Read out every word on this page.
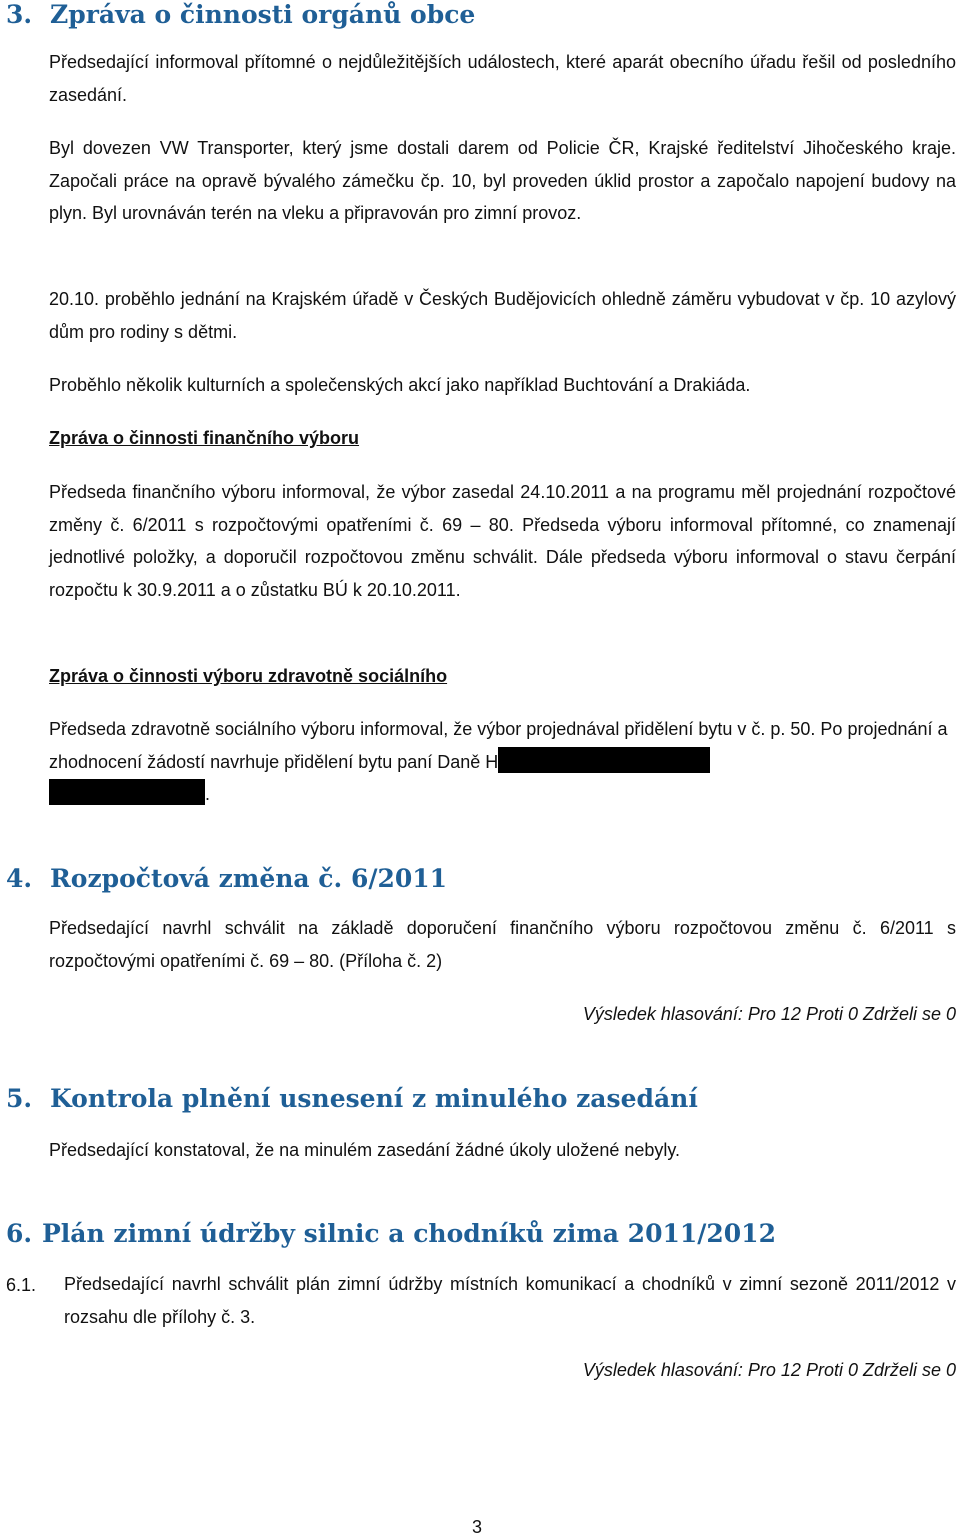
3. Zpráva o činnosti orgánů obce

Předsedající informoval přítomné o nejdůležitějších událostech, které aparát obecního úřadu řešil od posledního zasedání.

Byl dovezen VW Transporter, který jsme dostali darem od Policie ČR, Krajské ředitelství Jihočeského kraje. Započali práce na opravě bývalého zámečku čp. 10, byl proveden úklid prostor a započalo napojení budovy na plyn. Byl urovnáván terén na vleku a připravován pro zimní provoz.

20.10. proběhlo jednání na Krajském úřadě v Českých Budějovicích ohledně záměru vybudovat v čp. 10 azylový dům pro rodiny s dětmi.

Proběhlo několik kulturních a společenských akcí jako například Buchtování a Drakiáda.

Zpráva o činnosti finančního výboru

Předseda finančního výboru informoval, že výbor zasedal 24.10.2011 a na programu měl projednání rozpočtové změny č. 6/2011 s rozpočtovými opatřeními č. 69 – 80. Předseda výboru informoval přítomné, co znamenají jednotlivé položky, a doporučil rozpočtovou změnu schválit. Dále předseda výboru informoval o stavu čerpání rozpočtu k 30.9.2011 a o zůstatku BÚ k 20.10.2011.

Zpráva o činnosti výboru zdravotně sociálního

Předseda zdravotně sociálního výboru informoval, že výbor projednával přidělení bytu v č. p. 50. Po projednání a zhodnocení žádostí navrhuje přidělení bytu paní Daně H
.

4. Rozpočtová změna č. 6/2011

Předsedající navrhl schválit na základě doporučení finančního výboru rozpočtovou změnu č. 6/2011 s rozpočtovými opatřeními č. 69 – 80. (Příloha č. 2)

Výsledek hlasování: Pro 12 Proti 0 Zdrželi se 0

5. Kontrola plnění usnesení z minulého zasedání

Předsedající konstatoval, že na minulém zasedání žádné úkoly uložené nebyly.

6. Plán zimní údržby silnic a chodníků zima 2011/2012

6.1. Předsedající navrhl schválit plán zimní údržby místních komunikací a chodníků v zimní sezoně 2011/2012 v rozsahu dle přílohy č. 3.

Výsledek hlasování: Pro 12 Proti 0 Zdrželi se 0

3
